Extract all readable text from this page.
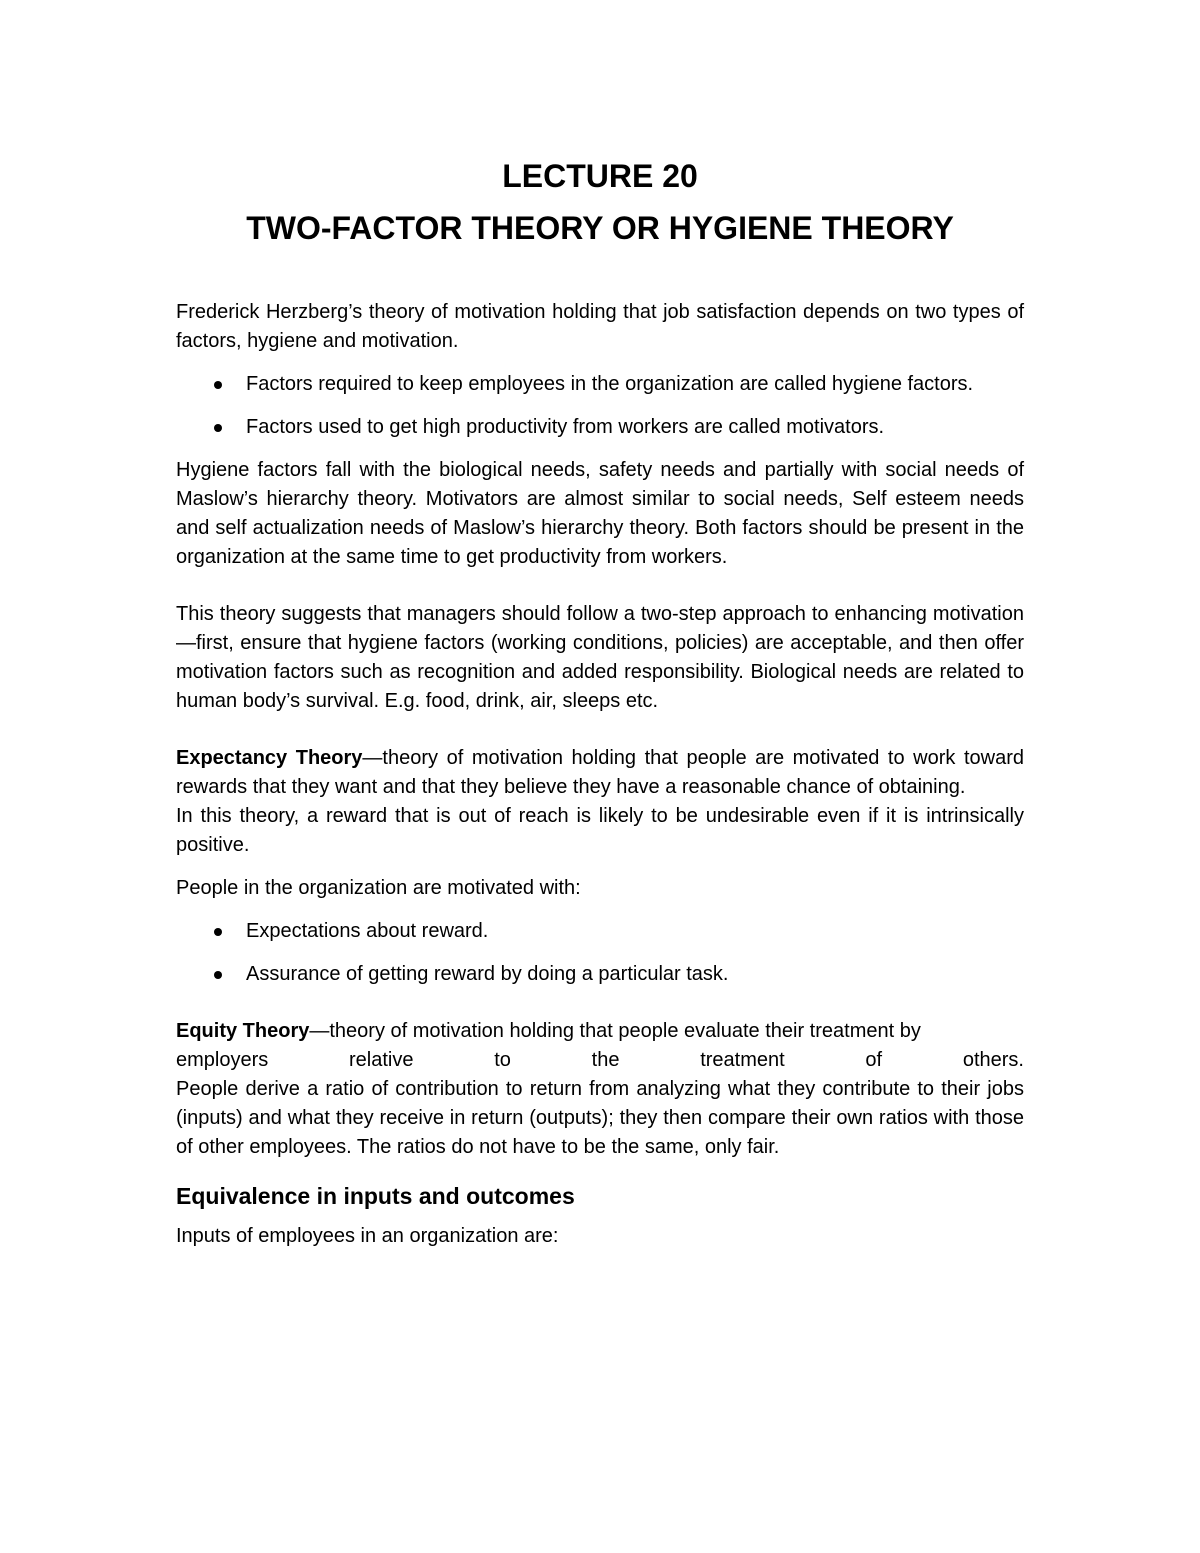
LECTURE 20
TWO-FACTOR THEORY OR HYGIENE THEORY

Frederick Herzberg’s theory of motivation holding that job satisfaction depends on two types of factors, hygiene and motivation.

Factors required to keep employees in the organization are called hygiene factors.
Factors used to get high productivity from workers are called motivators.

Hygiene factors fall with the biological needs, safety needs and partially with social needs of Maslow’s hierarchy theory. Motivators are almost similar to social needs, Self esteem needs and self actualization needs of Maslow’s hierarchy theory. Both factors should be present in the organization at the same time to get productivity from workers.

This theory suggests that managers should follow a two-step approach to enhancing motivation—first, ensure that hygiene factors (working conditions, policies) are acceptable, and then offer motivation factors such as recognition and added responsibility. Biological needs are related to human body’s survival. E.g. food, drink, air, sleeps etc.

Expectancy Theory—theory of motivation holding that people are motivated to work toward rewards that they want and that they believe they have a reasonable chance of obtaining.

In this theory, a reward that is out of reach is likely to be undesirable even if it is intrinsically positive.

People in the organization are motivated with:

Expectations about reward.
Assurance of getting reward by doing a particular task.

Equity Theory—theory of motivation holding that people evaluate their treatment by

employers	relative	to	the	treatment	of	others.

People derive a ratio of contribution to return from analyzing what they contribute to their jobs (inputs) and what they receive in return (outputs); they then compare their own ratios with those of other employees. The ratios do not have to be the same, only fair.

Equivalence in inputs and outcomes

Inputs of employees in an organization are:
